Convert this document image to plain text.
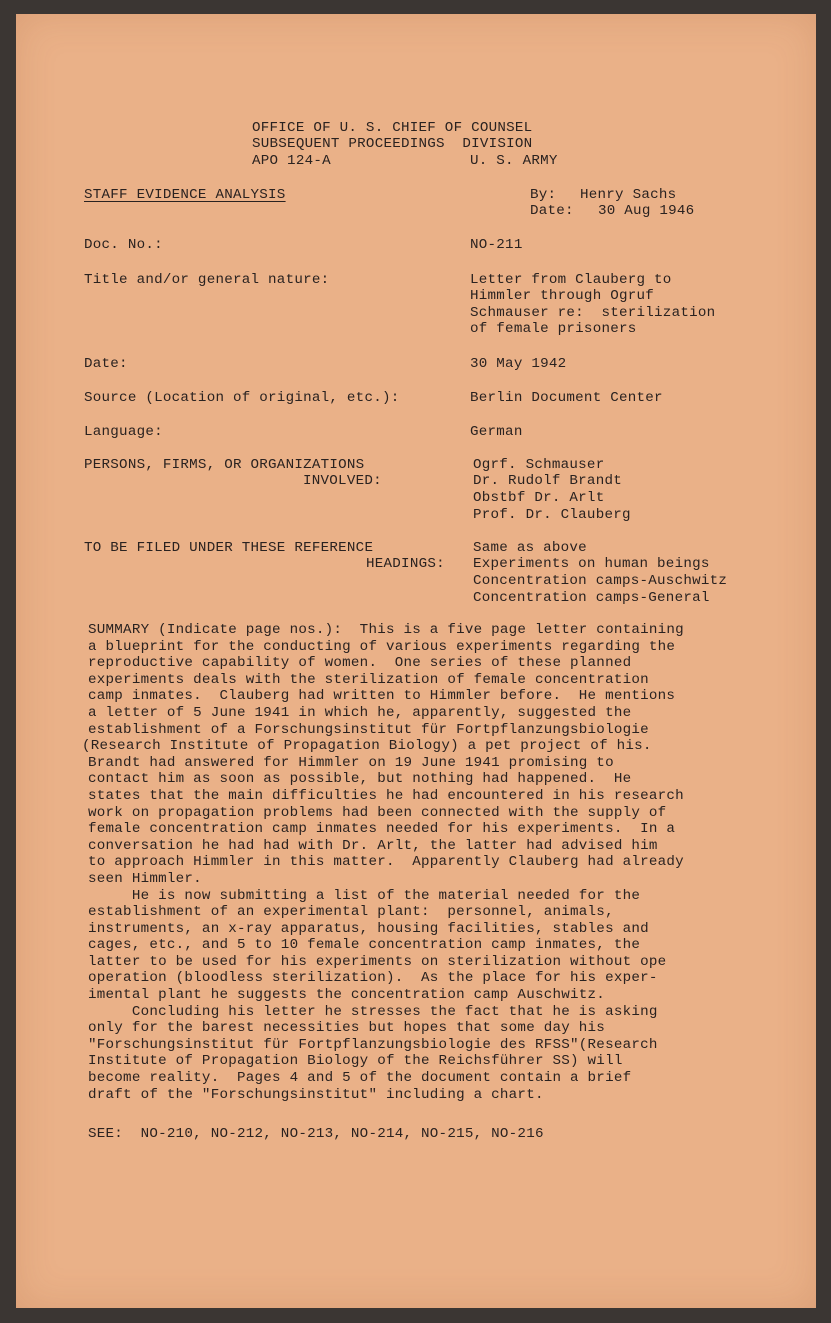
OFFICE OF U. S. CHIEF OF COUNSEL
SUBSEQUENT PROCEEDINGS  DIVISION
APO 124-A	U. S. ARMY
STAFF EVIDENCE ANALYSIS	By: Henry Sachs
Date: 30 Aug 1946
Doc. No.:	NO-211
Title and/or general nature:	Letter from Clauberg to
Himmler through Ogruf
Schmauser re:  sterilization
of female prisoners
Date:	30 May 1942
Source (Location of original, etc.):	Berlin Document Center
Language:	German
PERSONS, FIRMS, OR ORGANIZATIONS
INVOLVED:
Ogrf. Schmauser
Dr. Rudolf Brandt
Obstbf Dr. Arlt
Prof. Dr. Clauberg
TO BE FILED UNDER THESE REFERENCE
HEADINGS:
Same as above
Experiments on human beings
Concentration camps-Auschwitz
Concentration camps-General
SUMMARY (Indicate page nos.):  This is a five page letter containing
a blueprint for the conducting of various experiments regarding the
reproductive capability of women.  One series of these planned
experiments deals with the sterilization of female concentration
camp inmates.  Clauberg had written to Himmler before.  He mentions
a letter of 5 June 1941 in which he, apparently, suggested the
establishment of a Forschungsinstitut für Fortpflanzungsbiologie
(Research Institute of Propagation Biology) a pet project of his.
Brandt had answered for Himmler on 19 June 1941 promising to
contact him as soon as possible, but nothing had happened.  He
states that the main difficulties he had encountered in his research
work on propagation problems had been connected with the supply of
female concentration camp inmates needed for his experiments.  In a
conversation he had had with Dr. Arlt, the latter had advised him
to approach Himmler in this matter.  Apparently Clauberg had already
seen Himmler.
He is now submitting a list of the material needed for the
establishment of an experimental plant:  personnel, animals,
instruments, an x-ray apparatus, housing facilities, stables and
cages, etc., and 5 to 10 female concentration camp inmates, the
latter to be used for his experiments on sterilization without ope
operation (bloodless sterilization).  As the place for his exper-
imental plant he suggests the concentration camp Auschwitz.
Concluding his letter he stresses the fact that he is asking
only for the barest necessities but hopes that some day his
"Forschungsinstitut für Fortpflanzungsbiologie des RFSS"(Research
Institute of Propagation Biology of the Reichsführer SS) will
become reality.  Pages 4 and 5 of the document contain a brief
draft of the "Forschungsinstitut" including a chart.
SEE:  NO-210, NO-212, NO-213, NO-214, NO-215, NO-216
